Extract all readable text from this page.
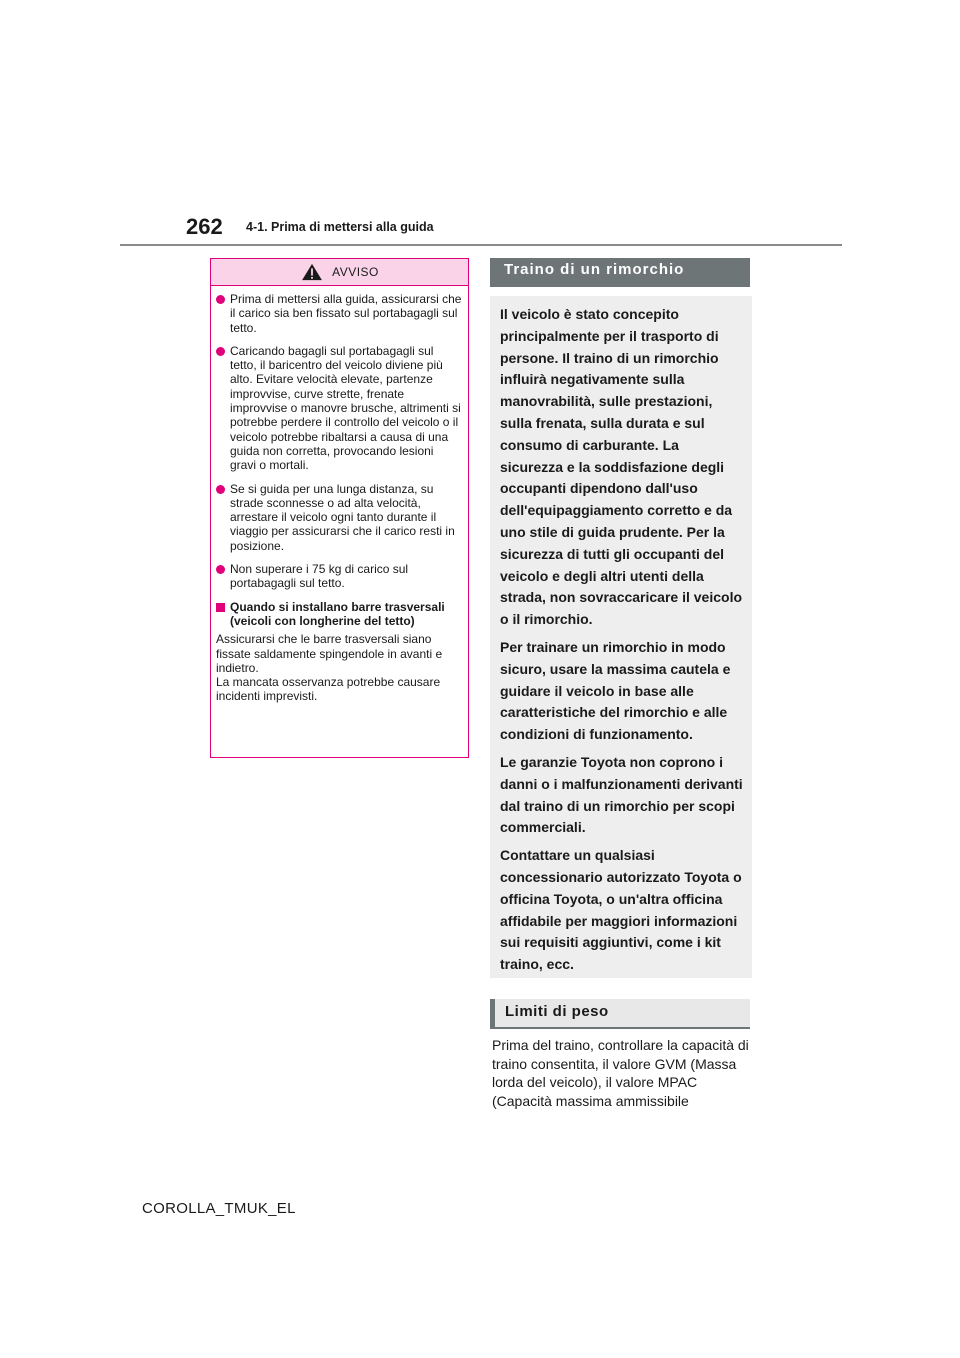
262 4-1. Prima di mettersi alla guida
AVVISO
Prima di mettersi alla guida, assicurarsi che il carico sia ben fissato sul portabagagli sul tetto.
Caricando bagagli sul portabagagli sul tetto, il baricentro del veicolo diviene più alto. Evitare velocità elevate, partenze improvvise, curve strette, frenate improvvise o manovre brusche, altrimenti si potrebbe perdere il controllo del veicolo o il veicolo potrebbe ribaltarsi a causa di una guida non corretta, provocando lesioni gravi o mortali.
Se si guida per una lunga distanza, su strade sconnesse o ad alta velocità, arrestare il veicolo ogni tanto durante il viaggio per assicurarsi che il carico resti in posizione.
Non superare i 75 kg di carico sul portabagagli sul tetto.
Quando si installano barre trasversali (veicoli con longherine del tetto)
Assicurarsi che le barre trasversali siano fissate saldamente spingendole in avanti e indietro.
La mancata osservanza potrebbe causare incidenti imprevisti.
Traino di un rimorchio

Il veicolo è stato concepito principalmente per il trasporto di persone. Il traino di un rimorchio influirà negativamente sulla manovrabilità, sulle prestazioni, sulla frenata, sulla durata e sul consumo di carburante. La sicurezza e la soddisfazione degli occupanti dipendono dall'uso dell'equipaggiamento corretto e da uno stile di guida prudente. Per la sicurezza di tutti gli occupanti del veicolo e degli altri utenti della strada, non sovraccaricare il veicolo o il rimorchio.

Per trainare un rimorchio in modo sicuro, usare la massima cautela e guidare il veicolo in base alle caratteristiche del rimorchio e alle condizioni di funzionamento.

Le garanzie Toyota non coprono i danni o i malfunzionamenti derivanti dal traino di un rimorchio per scopi commerciali.

Contattare un qualsiasi concessionario autorizzato Toyota o officina Toyota, o un'altra officina affidabile per maggiori informazioni sui requisiti aggiuntivi, come i kit traino, ecc.

Limiti di peso
Prima del traino, controllare la capacità di traino consentita, il valore GVM (Massa lorda del veicolo), il valore MPAC (Capacità massima ammissibile
COROLLA_TMUK_EL
